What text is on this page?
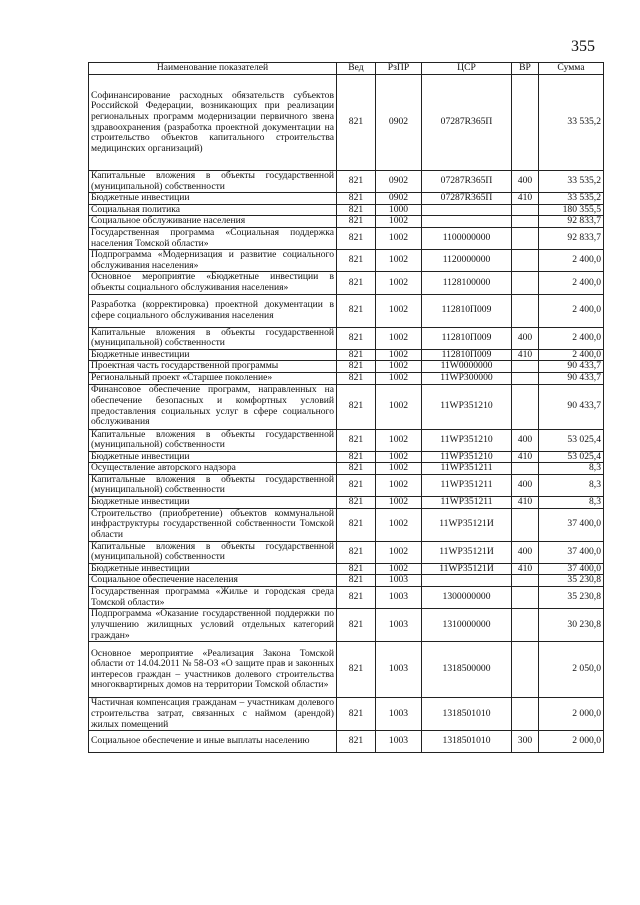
355
Наименование показателей	Вед	РзПР	ЦСР	ВР	Сумма
Софинансирование расходных обязательств субъектов Российской Федерации, возникающих при реализации региональных программ модернизации первичного звена здравоохранения (разработка проектной документации на строительство объектов капитального строительства медицинских организаций)	821	0902	07287R365П		33 535,2
Капитальные вложения в объекты государственной (муниципальной) собственности	821	0902	07287R365П	400	33 535,2
Бюджетные инвестиции	821	0902	07287R365П	410	33 535,2
Социальная политика	821	1000			180 355,5
Социальное обслуживание населения	821	1002			92 833,7
Государственная программа «Социальная поддержка населения Томской области»	821	1002	1100000000		92 833,7
Подпрограмма «Модернизация и развитие социального обслуживания населения»	821	1002	1120000000		2 400,0
Основное мероприятие «Бюджетные инвестиции в объекты социального обслуживания населения»	821	1002	1128100000		2 400,0
Разработка (корректировка) проектной документации в сфере социального обслуживания населения	821	1002	112810П009		2 400,0
Капитальные вложения в объекты государственной (муниципальной) собственности	821	1002	112810П009	400	2 400,0
Бюджетные инвестиции	821	1002	112810П009	410	2 400,0
Проектная часть государственной программы	821	1002	11W0000000		90 433,7
Региональный проект «Старшее поколение»	821	1002	11WP300000		90 433,7
Финансовое обеспечение программ, направленных на обеспечение безопасных и комфортных условий предоставления социальных услуг в сфере социального обслуживания	821	1002	11WP351210		90 433,7
Капитальные вложения в объекты государственной (муниципальной) собственности	821	1002	11WP351210	400	53 025,4
Бюджетные инвестиции	821	1002	11WP351210	410	53 025,4
Осуществление авторского надзора	821	1002	11WP351211		8,3
Капитальные вложения в объекты государственной (муниципальной) собственности	821	1002	11WP351211	400	8,3
Бюджетные инвестиции	821	1002	11WP351211	410	8,3
Строительство (приобретение) объектов коммунальной инфраструктуры государственной собственности Томской области	821	1002	11WP35121И		37 400,0
Капитальные вложения в объекты государственной (муниципальной) собственности	821	1002	11WP35121И	400	37 400,0
Бюджетные инвестиции	821	1002	11WP35121И	410	37 400,0
Социальное обеспечение населения	821	1003			35 230,8
Государственная программа «Жилье и городская среда Томской области»	821	1003	1300000000		35 230,8
Подпрограмма «Оказание государственной поддержки по улучшению жилищных условий отдельных категорий граждан»	821	1003	1310000000		30 230,8
Основное мероприятие «Реализация Закона Томской области от 14.04.2011 № 58-ОЗ «О защите прав и законных интересов граждан – участников долевого строительства многоквартирных домов на территории Томской области»	821	1003	1318500000		2 050,0
Частичная компенсация гражданам – участникам долевого строительства затрат, связанных с наймом (арендой) жилых помещений	821	1003	1318501010		2 000,0
Социальное обеспечение и иные выплаты населению	821	1003	1318501010	300	2 000,0
